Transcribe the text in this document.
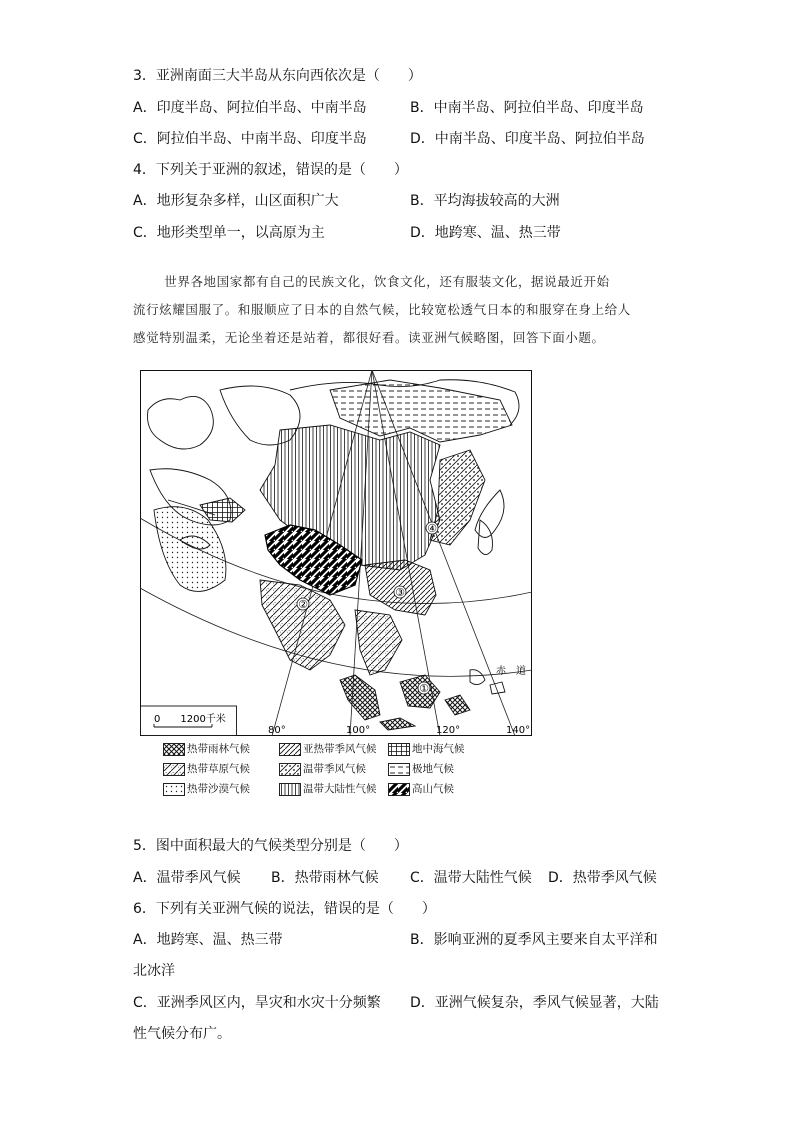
3．亚洲南面三大半岛从东向西依次是（　　）
A．印度半岛、阿拉伯半岛、中南半岛	B．中南半岛、阿拉伯半岛、印度半岛
C．阿拉伯半岛、中南半岛、印度半岛	D．中南半岛、印度半岛、阿拉伯半岛
4．下列关于亚洲的叙述，错误的是（　　）
A．地形复杂多样，山区面积广大	B．平均海拔较高的大洲
C．地形类型单一，以高原为主	D．地跨寒、温、热三带

世界各地国家都有自己的民族文化，饮食文化，还有服装文化，据说最近开始

流行炫耀国服了。和服顺应了日本的自然气候，比较宽松透气日本的和服穿在身上给人

感觉特别温柔，无论坐着还是站着，都很好看。读亚洲气候略图，回答下面小题。

①
②
③
④
赤　道
0　　1200千米
80°	100°	120°	140°
热带雨林气候	亚热带季风气候	地中海气候
热带草原气候	温带季风气候	极地气候
热带沙漠气候	温带大陆性气候	高山气候
5．图中面积最大的气候类型分别是（　　）
A．温带季风气候 B．热带雨林气候 C．温带大陆性气候 D．热带季风气候
6．下列有关亚洲气候的说法，错误的是（　　）
A．地跨寒、温、热三带	B．影响亚洲的夏季风主要来自太平洋和
北冰洋
C．亚洲季风区内，旱灾和水灾十分频繁 D．亚洲气候复杂，季风气候显著，大陆
性气候分布广。
